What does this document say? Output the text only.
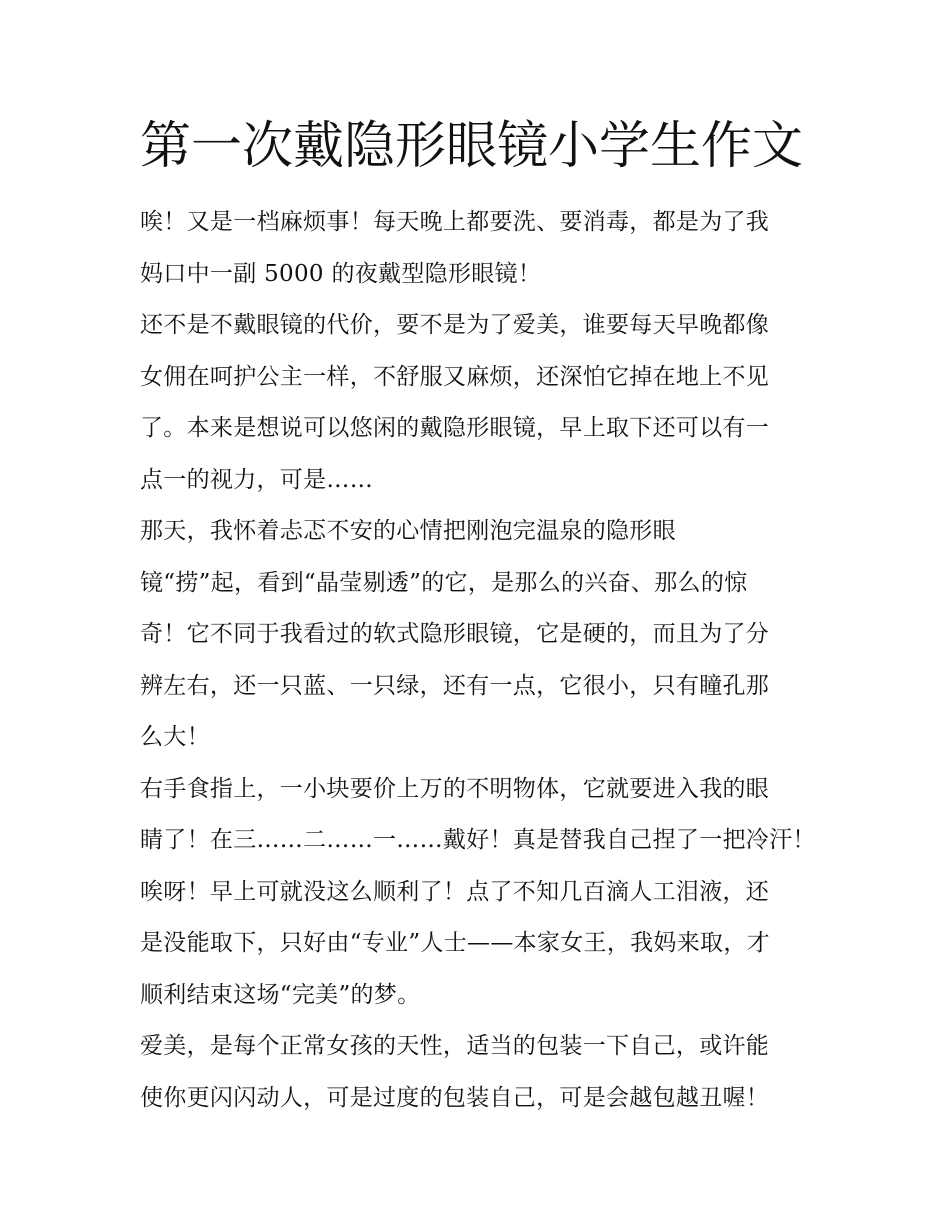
第一次戴隐形眼镜小学生作文
唉！又是一档麻烦事！每天晚上都要洗、要消毒，都是为了我
妈口中一副 5000 的夜戴型隐形眼镜！
还不是不戴眼镜的代价，要不是为了爱美，谁要每天早晚都像
女佣在呵护公主一样，不舒服又麻烦，还深怕它掉在地上不见
了。本来是想说可以悠闲的戴隐形眼镜，早上取下还可以有一
点一的视力，可是……
那天，我怀着忐忑不安的心情把刚泡完温泉的隐形眼
镜“捞”起，看到“晶莹剔透”的它，是那么的兴奋、那么的惊
奇！它不同于我看过的软式隐形眼镜，它是硬的，而且为了分
辨左右，还一只蓝、一只绿，还有一点，它很小，只有瞳孔那
么大！
右手食指上，一小块要价上万的不明物体，它就要进入我的眼
睛了！在三……二……一……戴好！真是替我自己捏了一把冷汗！
唉呀！早上可就没这么顺利了！点了不知几百滴人工泪液，还
是没能取下，只好由“专业”人士——本家女王，我妈来取，才
顺利结束这场“完美”的梦。
爱美，是每个正常女孩的天性，适当的包装一下自己，或许能
使你更闪闪动人，可是过度的包装自己，可是会越包越丑喔！
